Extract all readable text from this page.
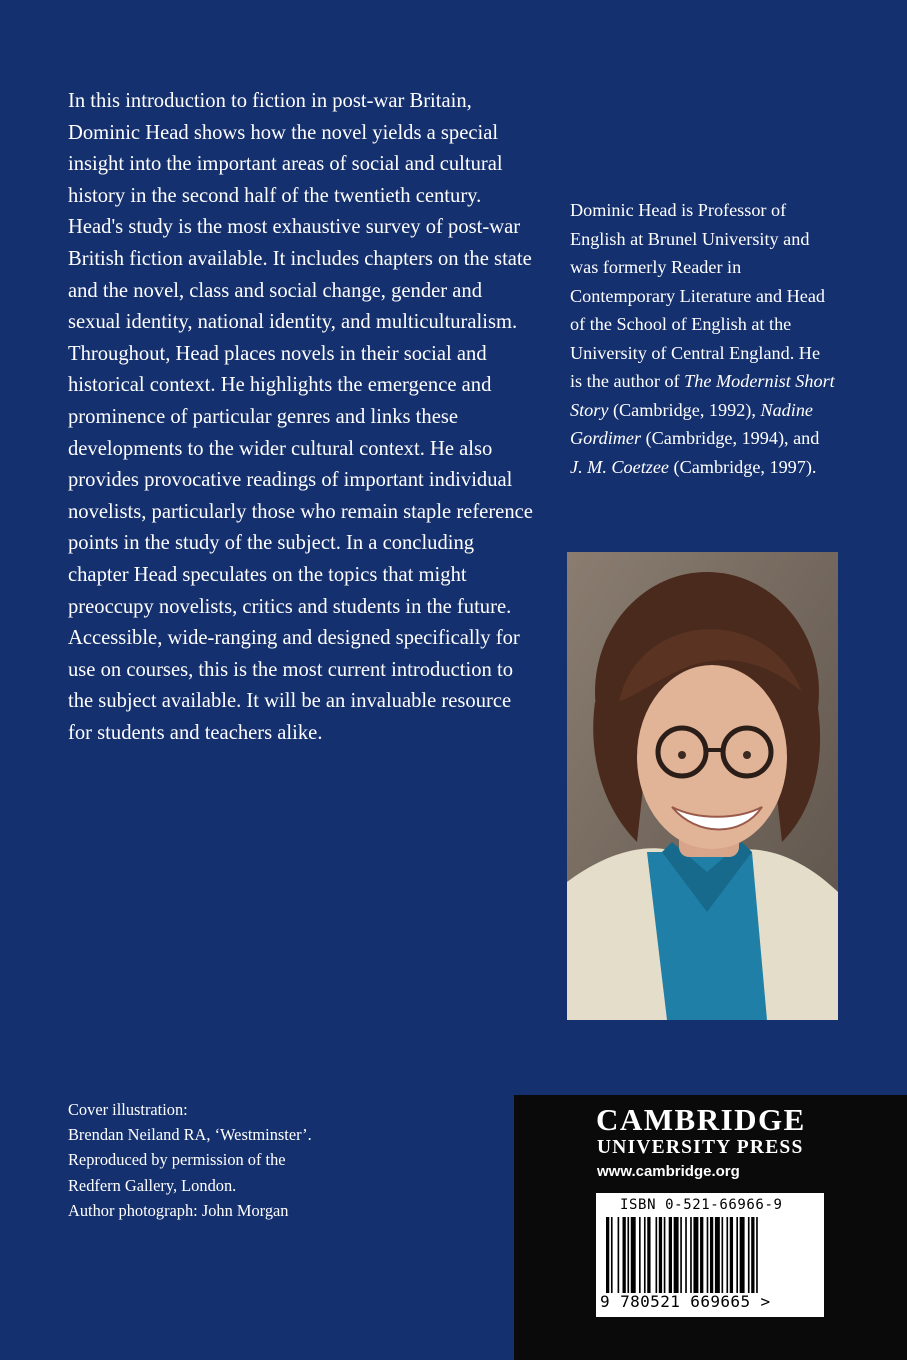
In this introduction to fiction in post-war Britain, Dominic Head shows how the novel yields a special insight into the important areas of social and cultural history in the second half of the twentieth century. Head's study is the most exhaustive survey of post-war British fiction available. It includes chapters on the state and the novel, class and social change, gender and sexual identity, national identity, and multiculturalism. Throughout, Head places novels in their social and historical context. He highlights the emergence and prominence of particular genres and links these developments to the wider cultural context. He also provides provocative readings of important individual novelists, particularly those who remain staple reference points in the study of the subject. In a concluding chapter Head speculates on the topics that might preoccupy novelists, critics and students in the future. Accessible, wide-ranging and designed specifically for use on courses, this is the most current introduction to the subject available. It will be an invaluable resource for students and teachers alike.

Dominic Head is Professor of English at Brunel University and was formerly Reader in Contemporary Literature and Head of the School of English at the University of Central England. He is the author of The Modernist Short Story (Cambridge, 1992), Nadine Gordimer (Cambridge, 1994), and J. M. Coetzee (Cambridge, 1997).

Cover illustration:
Brendan Neiland RA, ‘Westminster’.
Reproduced by permission of the
Redfern Gallery, London.
Author photograph: John Morgan
CAMBRIDGE
UNIVERSITY PRESS
www.cambridge.org
ISBN 0-521-66966-9
9 780521 669665 >
